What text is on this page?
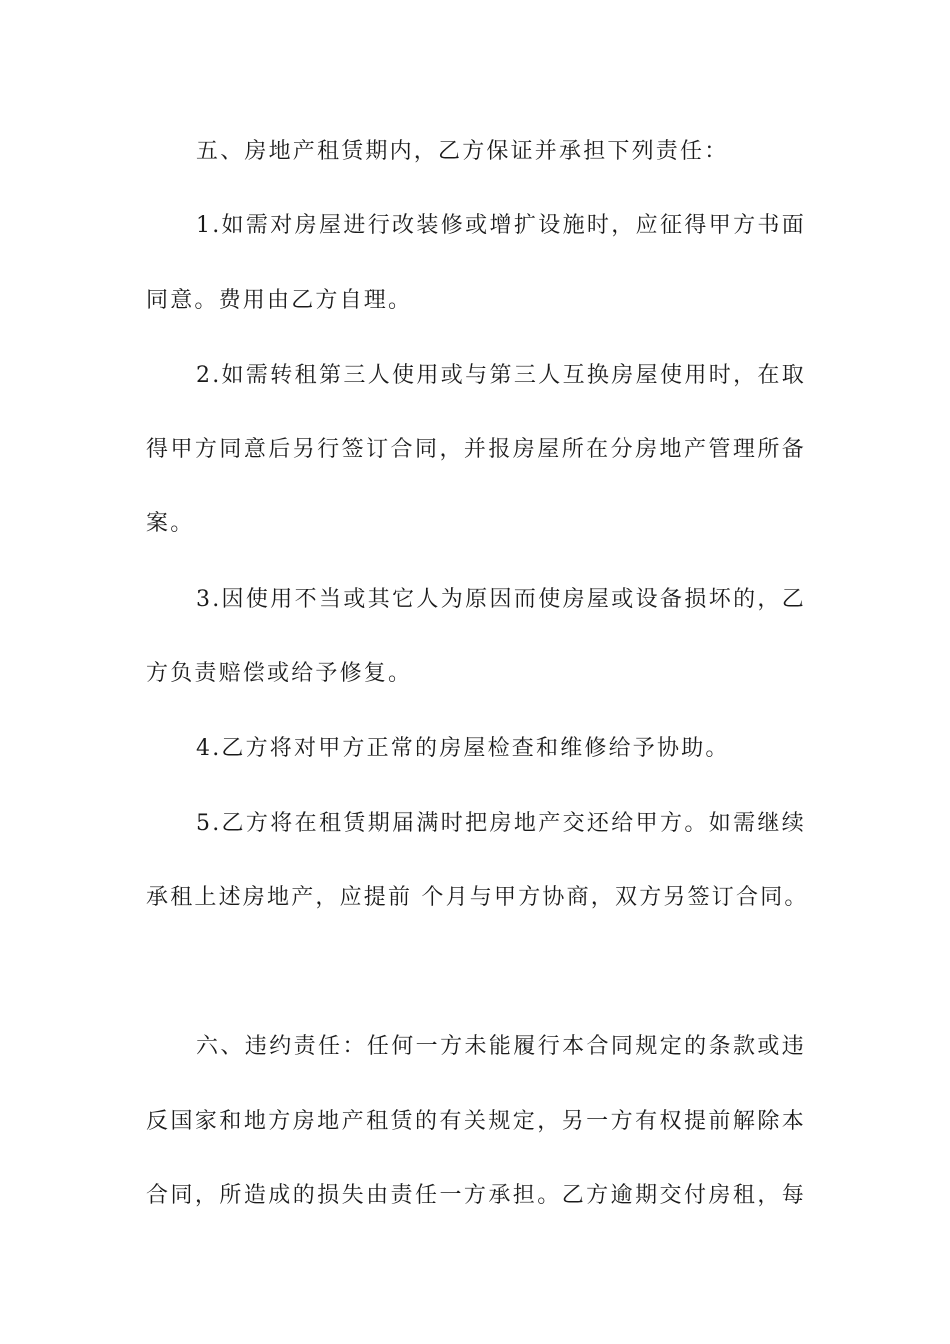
五、房地产租赁期内，乙方保证并承担下列责任：
1.如需对房屋进行改装修或增扩设施时，应征得甲方书面
同意。费用由乙方自理。
2.如需转租第三人使用或与第三人互换房屋使用时，在取
得甲方同意后另行签订合同，并报房屋所在分房地产管理所备
案。
3.因使用不当或其它人为原因而使房屋或设备损坏的，乙
方负责赔偿或给予修复。
4.乙方将对甲方正常的房屋检查和维修给予协助。
5.乙方将在租赁期届满时把房地产交还给甲方。如需继续
承租上述房地产，应提前 个月与甲方协商，双方另签订合同。
六、违约责任：任何一方未能履行本合同规定的条款或违
反国家和地方房地产租赁的有关规定，另一方有权提前解除本
合同，所造成的损失由责任一方承担。乙方逾期交付房租，每
